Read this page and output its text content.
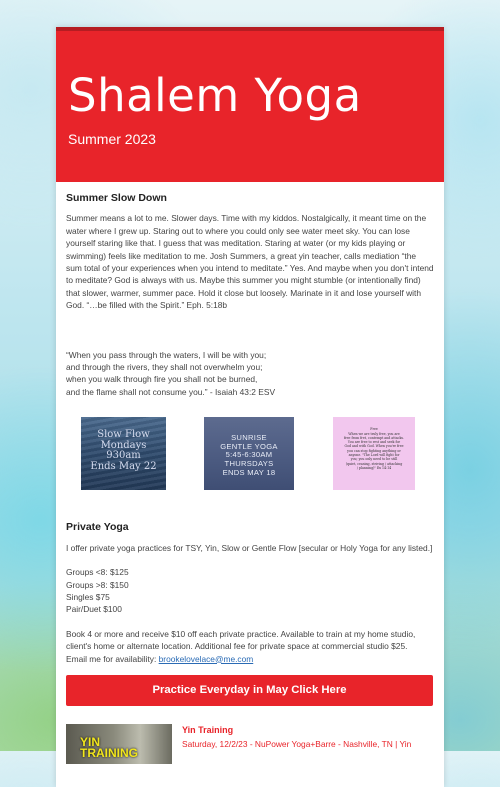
Shalem Yoga
Summer 2023
Summer Slow Down

Summer means a lot to me. Slower days. Time with my kiddos. Nostalgically, it meant time on the water where I grew up. Staring out to where you could only see water meet sky. You can lose yourself staring like that. I guess that was meditation. Staring at water (or my kids playing or swimming) feels like meditation to me. Josh Summers, a great yin teacher, calls mediation “the sum total of your experiences when you intend to meditate.” Yes. And maybe when you don't intend to meditate? God is always with us. Maybe this summer you might stumble (or intentionally find) that slower, warmer, summer pace. Hold it close but loosely. Marinate in it and lose yourself with God. “…be filled with the Spirit.” Eph. 5:18b

“When you pass through the waters, I will be with you;
and through the rivers, they shall not overwhelm you;
when you walk through fire you shall not be burned,
and the flame shall not consume you.” - Isaiah 43:2 ESV
Slow Flow
Mondays
930am
Ends May 22
SUNRISE
GENTLE YOGA
5:45-6:30AM
THURSDAYS
ENDS MAY 18
Free
When we are truly free, you are
free from fret, contempt and attacks.
You are free to rest and seek for
God and with God. When you're free
you can stop fighting anything or
anyone. "The Lord will fight for
you; you only need to be still
(quiet, ceasing, striving / attacking
/ planning)" Ex 14:14
Private Yoga

I offer private yoga practices for TSY, Yin, Slow or Gentle Flow [secular or Holy Yoga for any listed.]

Groups <8: $125
Groups >8: $150
Singles $75
Pair/Duet $100

Book 4 or more and receive $10 off each private practice. Available to train at my home studio, client's home or alternate location. Additional fee for private space at commercial studio $25.

Email me for availability: brookelovelace@me.com

Practice Everyday in May Click Here
YIN
TRAINING
Yin Training
Saturday, 12/2/23 - NuPower Yoga+Barre - Nashville, TN | Yin
